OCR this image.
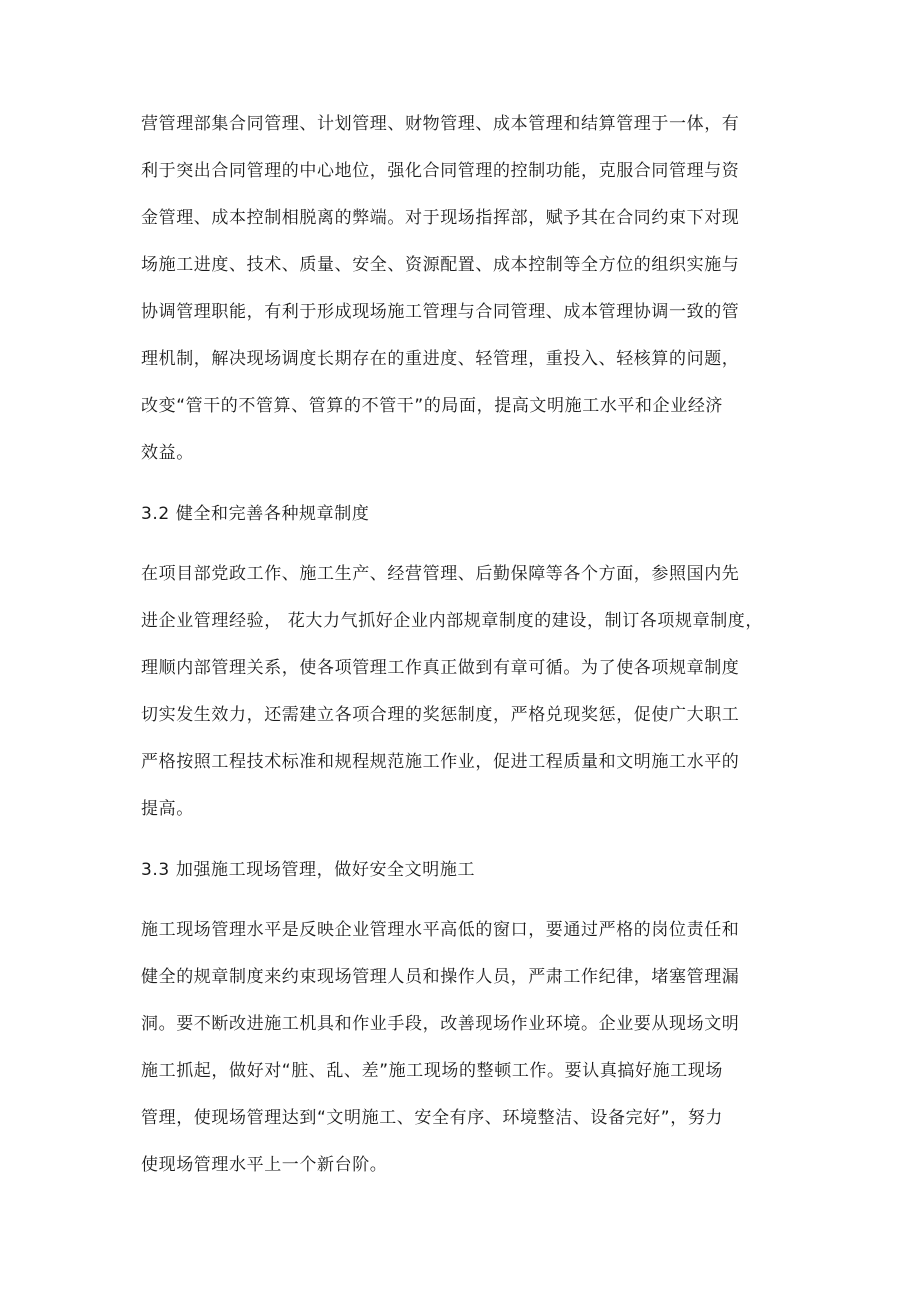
营管理部集合同管理、计划管理、财物管理、成本管理和结算管理于一体，有
利于突出合同管理的中心地位，强化合同管理的控制功能，克服合同管理与资
金管理、成本控制相脱离的弊端。对于现场指挥部，赋予其在合同约束下对现
场施工进度、技术、质量、安全、资源配置、成本控制等全方位的组织实施与
协调管理职能，有利于形成现场施工管理与合同管理、成本管理协调一致的管
理机制，解决现场调度长期存在的重进度、轻管理，重投入、轻核算的问题，
改变“管干的不管算、管算的不管干”的局面，提高文明施工水平和企业经济
效益。
3.2 健全和完善各种规章制度
在项目部党政工作、施工生产、经营管理、后勤保障等各个方面，参照国内先
进企业管理经验， 花大力气抓好企业内部规章制度的建设，制订各项规章制度，
理顺内部管理关系，使各项管理工作真正做到有章可循。为了使各项规章制度
切实发生效力，还需建立各项合理的奖惩制度，严格兑现奖惩，促使广大职工
严格按照工程技术标准和规程规范施工作业，促进工程质量和文明施工水平的
提高。
3.3 加强施工现场管理，做好安全文明施工
施工现场管理水平是反映企业管理水平高低的窗口，要通过严格的岗位责任和
健全的规章制度来约束现场管理人员和操作人员，严肃工作纪律，堵塞管理漏
洞。要不断改进施工机具和作业手段，改善现场作业环境。企业要从现场文明
施工抓起，做好对“脏、乱、差”施工现场的整顿工作。要认真搞好施工现场
管理，使现场管理达到“文明施工、安全有序、环境整洁、设备完好”，努力
使现场管理水平上一个新台阶。
